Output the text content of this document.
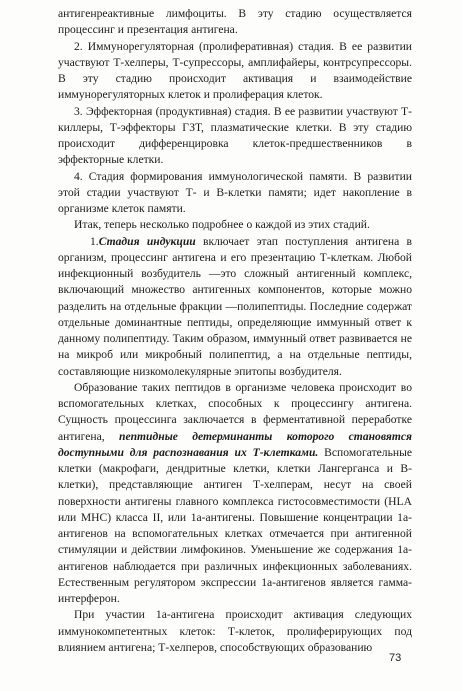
антигенреактивные лимфоциты. В эту стадию осуществляется процессинг и презентация антигена.

2. Иммунорегуляторная (пролиферативная) стадия. В ее развитии участвуют Т-хелперы, Т-супрессоры, амплифайеры, контрсупрессоры. В эту стадию происходит активация и взаимодействие иммунорегуляторных клеток и пролиферация клеток.

3. Эффекторная (продуктивная) стадия. В ее развитии участвуют Т-киллеры, Т-эффекторы ГЗТ, плазматические клетки. В эту стадию происходит дифференцировка клеток-предшественников в эффекторные клетки.

4. Стадия формирования иммунологической памяти. В развитии этой стадии участвуют Т- и В-клетки памяти; идет накопление в организме клеток памяти.

Итак, теперь несколько подробнее о каждой из этих стадий.

1.Стадия индукции включает этап поступления антигена в организм, процессинг антигена и его презентацию Т-клеткам. Любой инфекционный возбудитель —это сложный антигенный комплекс, включающий множество антигенных компонентов, которые можно разделить на отдельные фракции —полипептиды. Последние содержат отдельные доминантные пептиды, определяющие иммунный ответ к данному полипептиду. Таким образом, иммунный ответ развивается не на микроб или микробный полипептид, а на отдельные пептиды, составляющие низкомолекулярные эпитопы возбудителя.

Образование таких пептидов в организме человека происходит во вспомогательных клетках, способных к процессингу антигена. Сущность процессинга заключается в ферментативной переработке антигена, пептидные детерминанты которого становятся доступными для распознавания их Т-клетками. Вспомогательные клетки (макрофаги, дендритные клетки, клетки Лангерганса и В-клетки), представляющие антиген Т-хелперам, несут на своей поверхности антигены главного комплекса гистосовместимости (HLA или МНС) класса II, или 1а-антигены. Повышение концентрации 1а-антигенов на вспомогательных клетках отмечается при антигенной стимуляции и действии лимфокинов. Уменьшение же содержания 1а-антигенов наблюдается при различных инфекционных заболеваниях. Естественным регулятором экспрессии 1а-антигенов является гамма-интерферон.

При участии 1а-антигена происходит активация следующих иммунокомпетентных клеток: Т-клеток, пролиферирующих под влиянием антигена; Т-хелперов, способствующих образованию

73
